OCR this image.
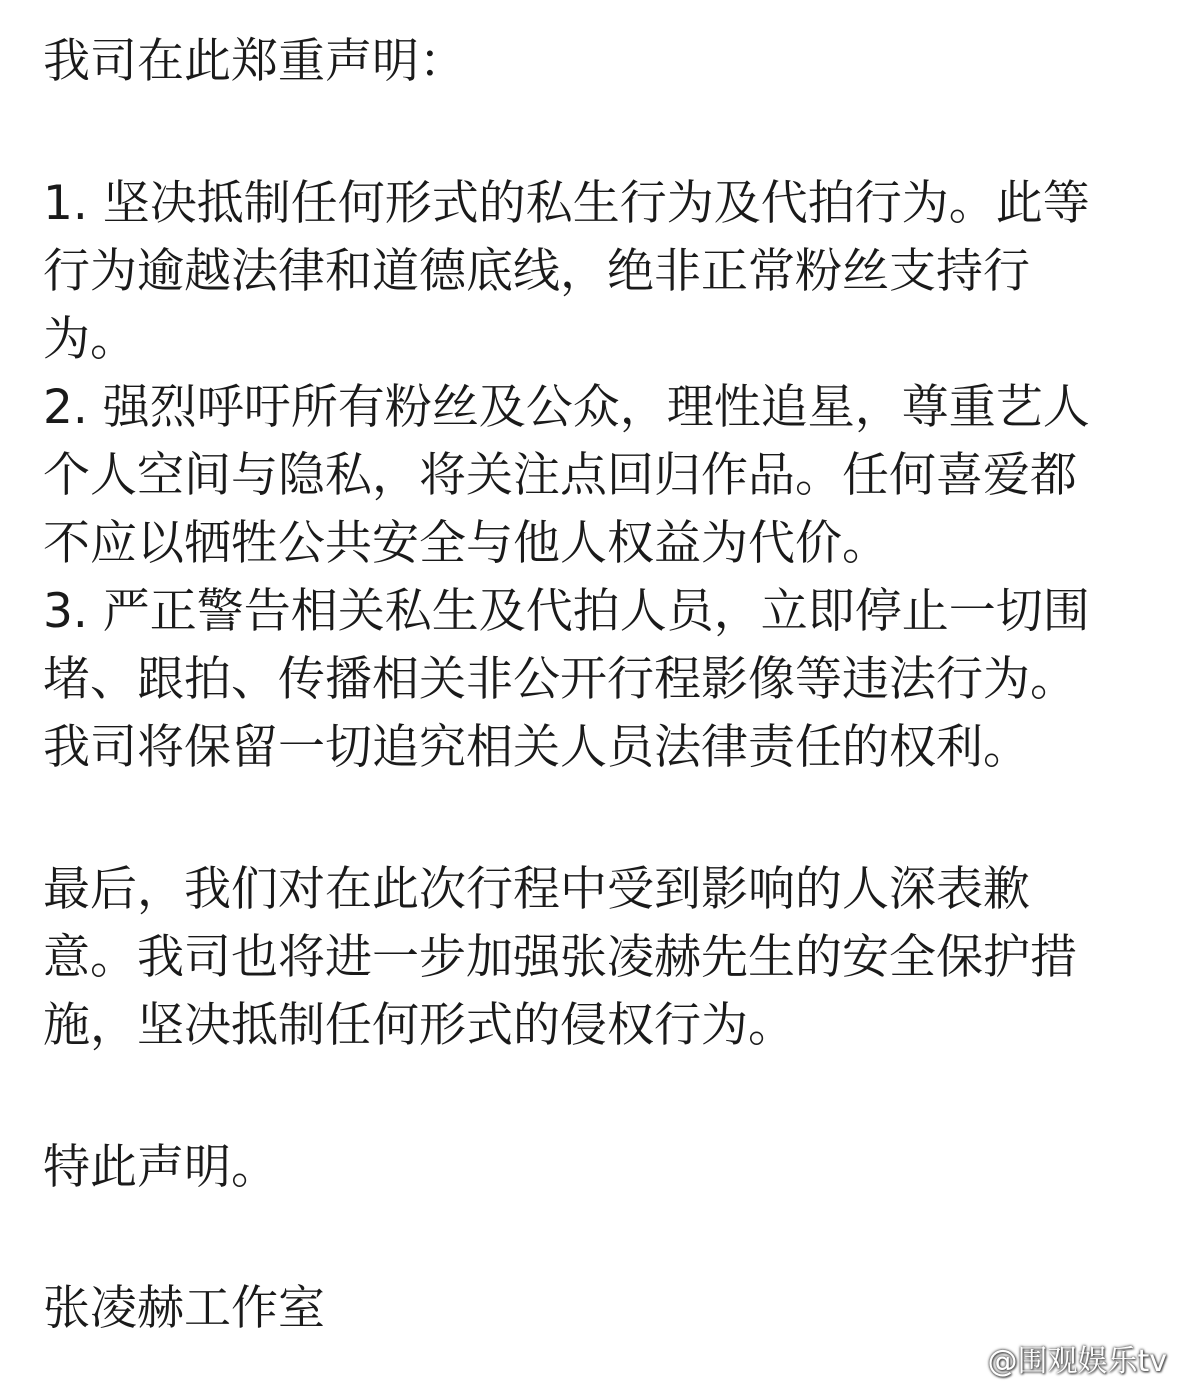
我司在此郑重声明：
1. 坚决抵制任何形式的私生行为及代拍行为。此等
行为逾越法律和道德底线，绝非正常粉丝支持行
为。
2. 强烈呼吁所有粉丝及公众，理性追星，尊重艺人
个人空间与隐私，将关注点回归作品。任何喜爱都
不应以牺牲公共安全与他人权益为代价。
3. 严正警告相关私生及代拍人员，立即停止一切围
堵、跟拍、传播相关非公开行程影像等违法行为。
我司将保留一切追究相关人员法律责任的权利。
最后，我们对在此次行程中受到影响的人深表歉
意。我司也将进一步加强张凌赫先生的安全保护措
施，坚决抵制任何形式的侵权行为。
特此声明。
张凌赫工作室
@围观娱乐tv
